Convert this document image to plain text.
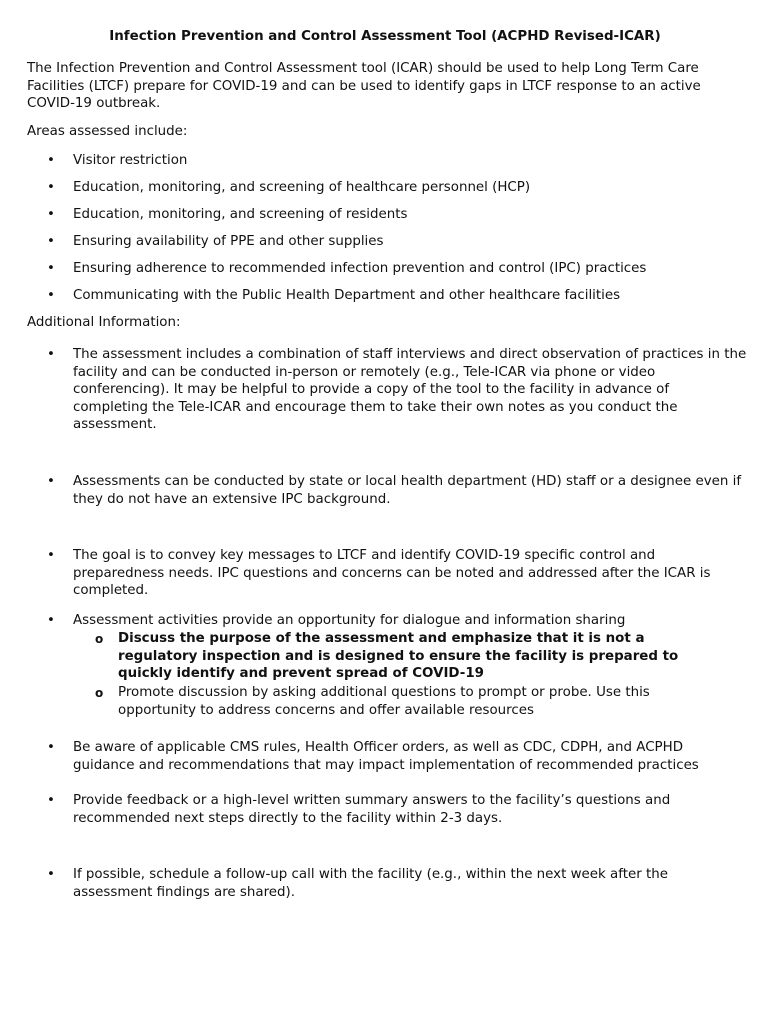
Infection Prevention and Control Assessment Tool (ACPHD Revised-ICAR)
The Infection Prevention and Control Assessment tool (ICAR) should be used to help Long Term Care Facilities (LTCF) prepare for COVID-19 and can be used to identify gaps in LTCF response to an active COVID-19 outbreak.
Areas assessed include:
• Visitor restriction
• Education, monitoring, and screening of healthcare personnel (HCP)
• Education, monitoring, and screening of residents
• Ensuring availability of PPE and other supplies
• Ensuring adherence to recommended infection prevention and control (IPC) practices
• Communicating with the Public Health Department and other healthcare facilities
Additional Information:
• The assessment includes a combination of staff interviews and direct observation of practices in the facility and can be conducted in-person or remotely (e.g., Tele-ICAR via phone or video conferencing). It may be helpful to provide a copy of the tool to the facility in advance of completing the Tele-ICAR and encourage them to take their own notes as you conduct the assessment.
• Assessments can be conducted by state or local health department (HD) staff or a designee even if they do not have an extensive IPC background.
• The goal is to convey key messages to LTCF and identify COVID-19 specific control and preparedness needs. IPC questions and concerns can be noted and addressed after the ICAR is completed.
• Assessment activities provide an opportunity for dialogue and information sharing
o Discuss the purpose of the assessment and emphasize that it is not a regulatory inspection and is designed to ensure the facility is prepared to quickly identify and prevent spread of COVID-19
o Promote discussion by asking additional questions to prompt or probe. Use this opportunity to address concerns and offer available resources
• Be aware of applicable CMS rules, Health Officer orders, as well as CDC, CDPH, and ACPHD guidance and recommendations that may impact implementation of recommended practices
• Provide feedback or a high-level written summary answers to the facility’s questions and recommended next steps directly to the facility within 2-3 days.
• If possible, schedule a follow-up call with the facility (e.g., within the next week after the assessment findings are shared).
